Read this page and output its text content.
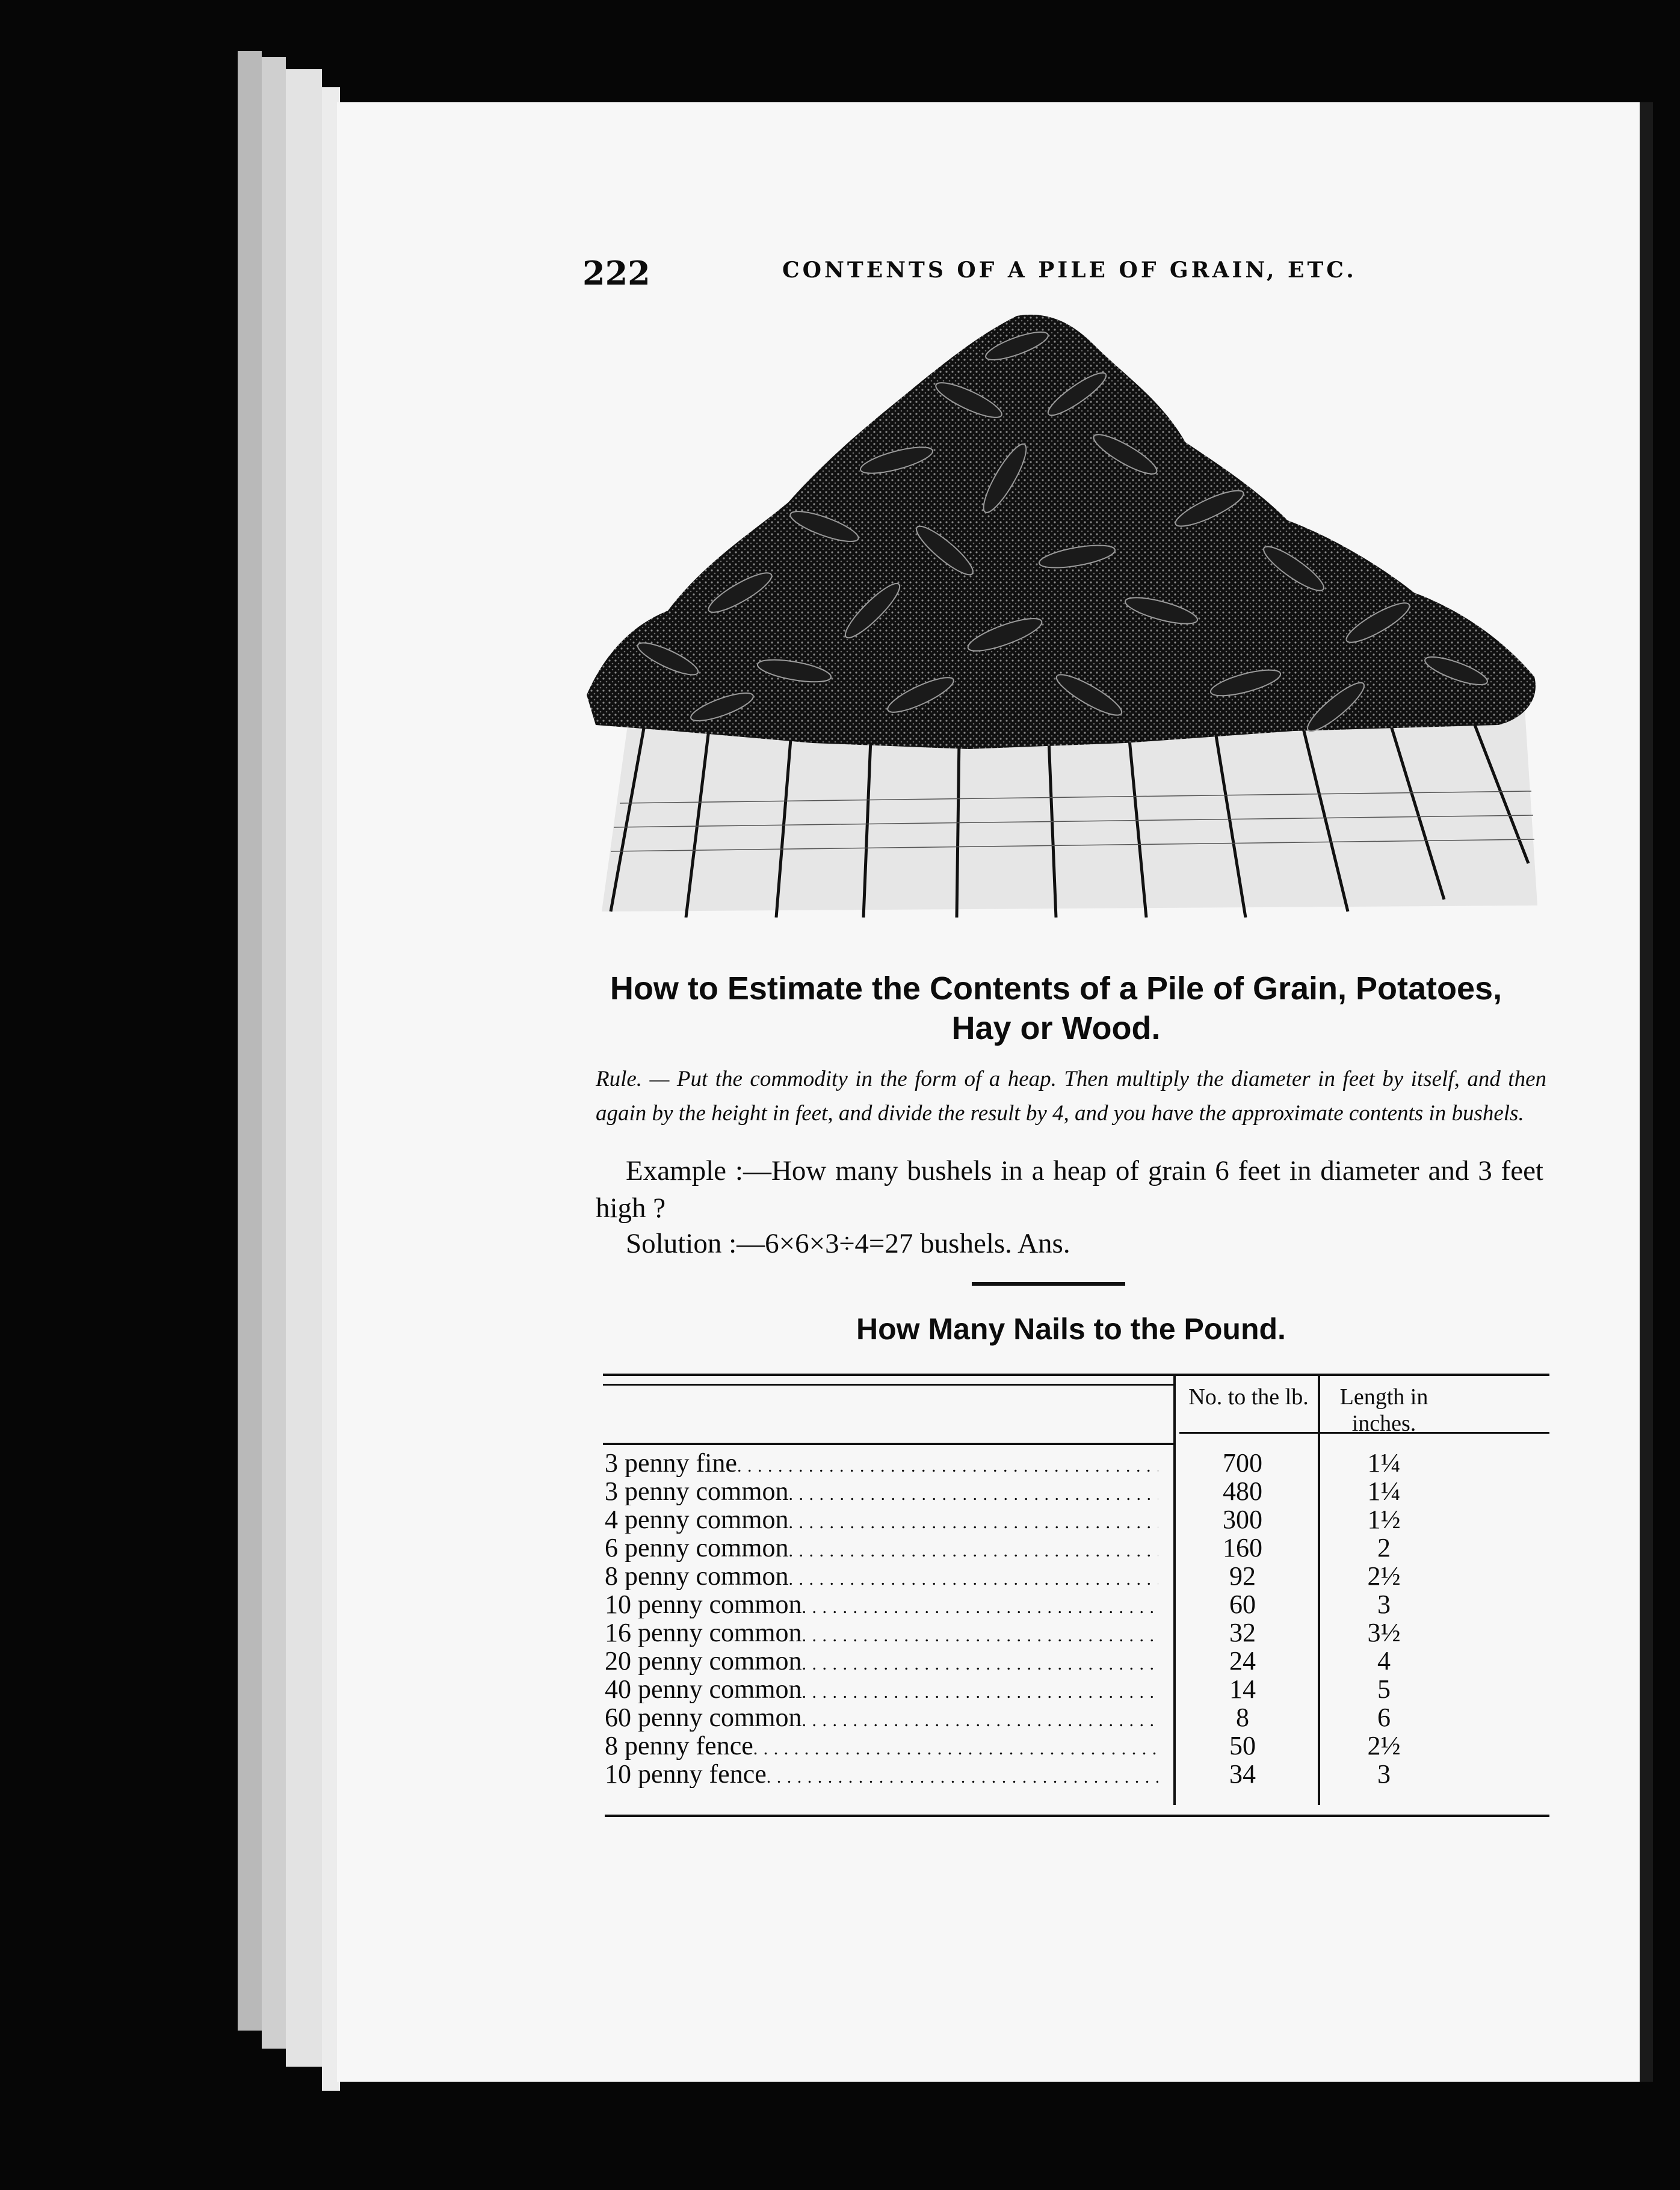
222	CONTENTS OF A PILE OF GRAIN, ETC.
How to Estimate the Contents of a Pile of Grain, Potatoes, Hay or Wood.
Rule. — Put the commodity in the form of a heap. Then multiply the diameter in feet by itself, and then again by the height in feet, and divide the result by 4, and you have the approximate contents in bushels.
Example :—How many bushels in a heap of grain 6 feet in diameter and 3 feet high ?
Solution :—6×6×3÷4=27 bushels. Ans.
How Many Nails to the Pound.
No. to the lb.	Length in inches.
3 penny fine
. . .
3 penny common
. . .
4 penny common
. . .
6 penny common
. . .
8 penny common
. . .
10 penny common
. . .
16 penny common
. . .
20 penny common
. . .
40 penny common
. . .
60 penny common
. . .
8 penny fence
. . .
10 penny fence
. . .
700
480
300
160
92
60
32
24
14
8
50
34
1¼
1¼
1½
2
2½
3
3½
4
5
6
2½
3
